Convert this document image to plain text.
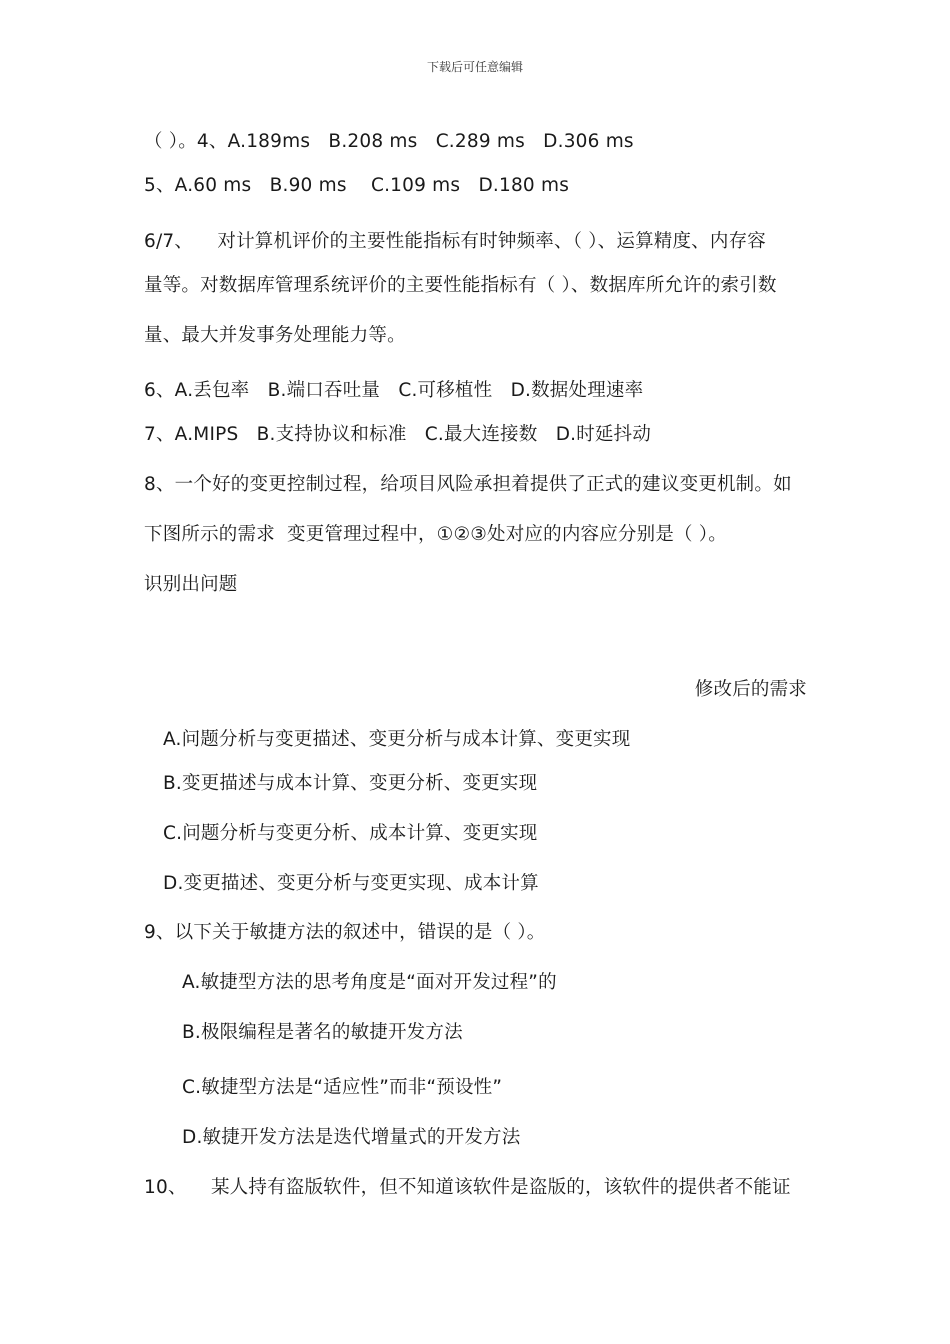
下载后可任意编辑
（ ）。4、A.189ms   B.208 ms   C.289 ms   D.306 ms
5、A.60 ms   B.90 ms    C.109 ms   D.180 ms
6/7、    对计算机评价的主要性能指标有时钟频率、（ ）、运算精度、内存容
量等。对数据库管理系统评价的主要性能指标有（ ）、数据库所允许的索引数
量、最大并发事务处理能力等。
6、A.丢包率   B.端口吞吐量   C.可移植性   D.数据处理速率
7、A.MIPS   B.支持协议和标准   C.最大连接数   D.时延抖动
8、一个好的变更控制过程，给项目风险承担着提供了正式的建议变更机制。如
下图所示的需求  变更管理过程中，①②③处对应的内容应分别是（ ）。
识别出问题
修改后的需求
A.问题分析与变更描述、变更分析与成本计算、变更实现
B.变更描述与成本计算、变更分析、变更实现
C.问题分析与变更分析、成本计算、变更实现
D.变更描述、变更分析与变更实现、成本计算
9、以下关于敏捷方法的叙述中，错误的是（ ）。
A.敏捷型方法的思考角度是“面对开发过程”的
B.极限编程是著名的敏捷开发方法
C.敏捷型方法是“适应性”而非“预设性”
D.敏捷开发方法是迭代增量式的开发方法
10、    某人持有盗版软件，但不知道该软件是盗版的，该软件的提供者不能证
